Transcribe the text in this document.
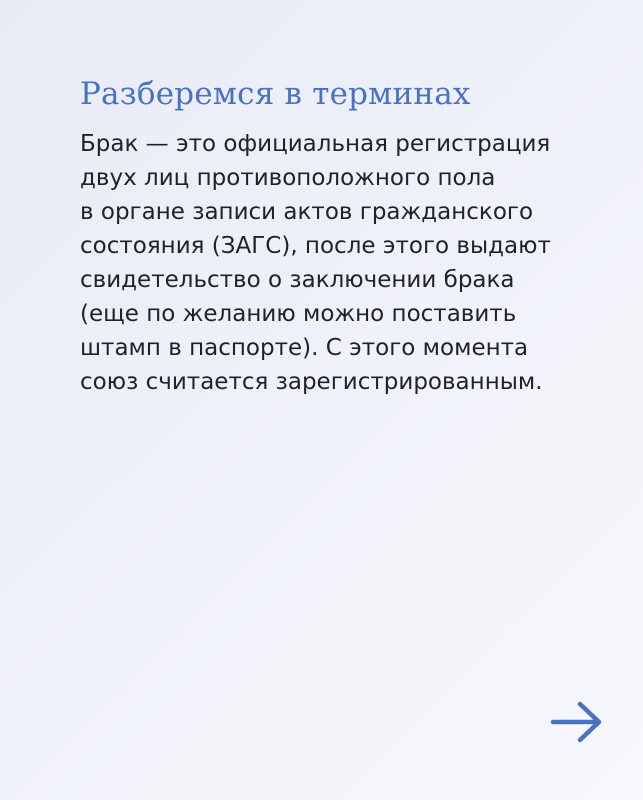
Разберемся в терминах
Брак — это официальная регистрация
двух лиц противоположного пола
в органе записи актов гражданского
состояния (ЗАГС), после этого выдают
свидетельство о заключении брака
(еще по желанию можно поставить
штамп в паспорте). С этого момента
союз считается зарегистрированным.
